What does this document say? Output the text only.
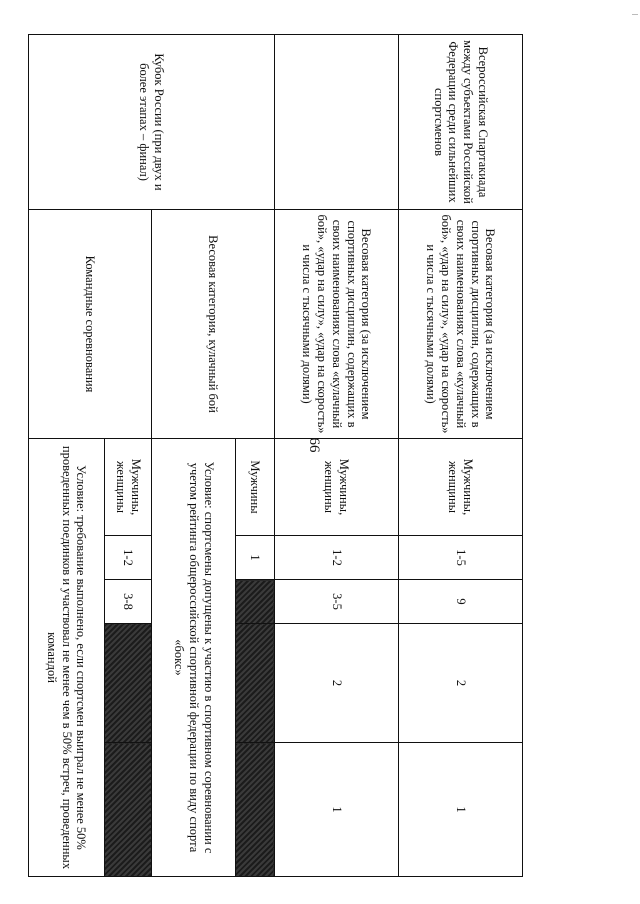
66
Всероссийская Спартакиада между субъектами Российской Федерации среди сильнейших спортсменов	Весовая категория (за исключением спортивных дисциплин, содержащих в своих наименованиях слова «кулачный бой», «удар на силу», «удар на скорость» и числа с тысячными долями)	Мужчины, женщины	1-5	9	2	1
	Весовая категория (за исключением спортивных дисциплин, содержащих в своих наименованиях слова «кулачный бой», «удар на силу», «удар на скорость» и числа с тысячными долями)	Мужчины, женщины	1-2	3-5	2	1
Кубок России (при двух и более этапах – финал)	Весовая категория, кулачный бой	Мужчины	1			
		Условие: спортсмены допущены к участию в спортивном соревновании с учетом рейтинга общероссийской спортивной федерации по виду спорта «бокс»				
	Командные соревнования	Мужчины, женщины	1-2	3-8		
		Условие: требование выполнено, если спортсмен выиграл не менее 50% проведенных поединков и участвовал не менее чем в 50% встреч, проведенных командой				
